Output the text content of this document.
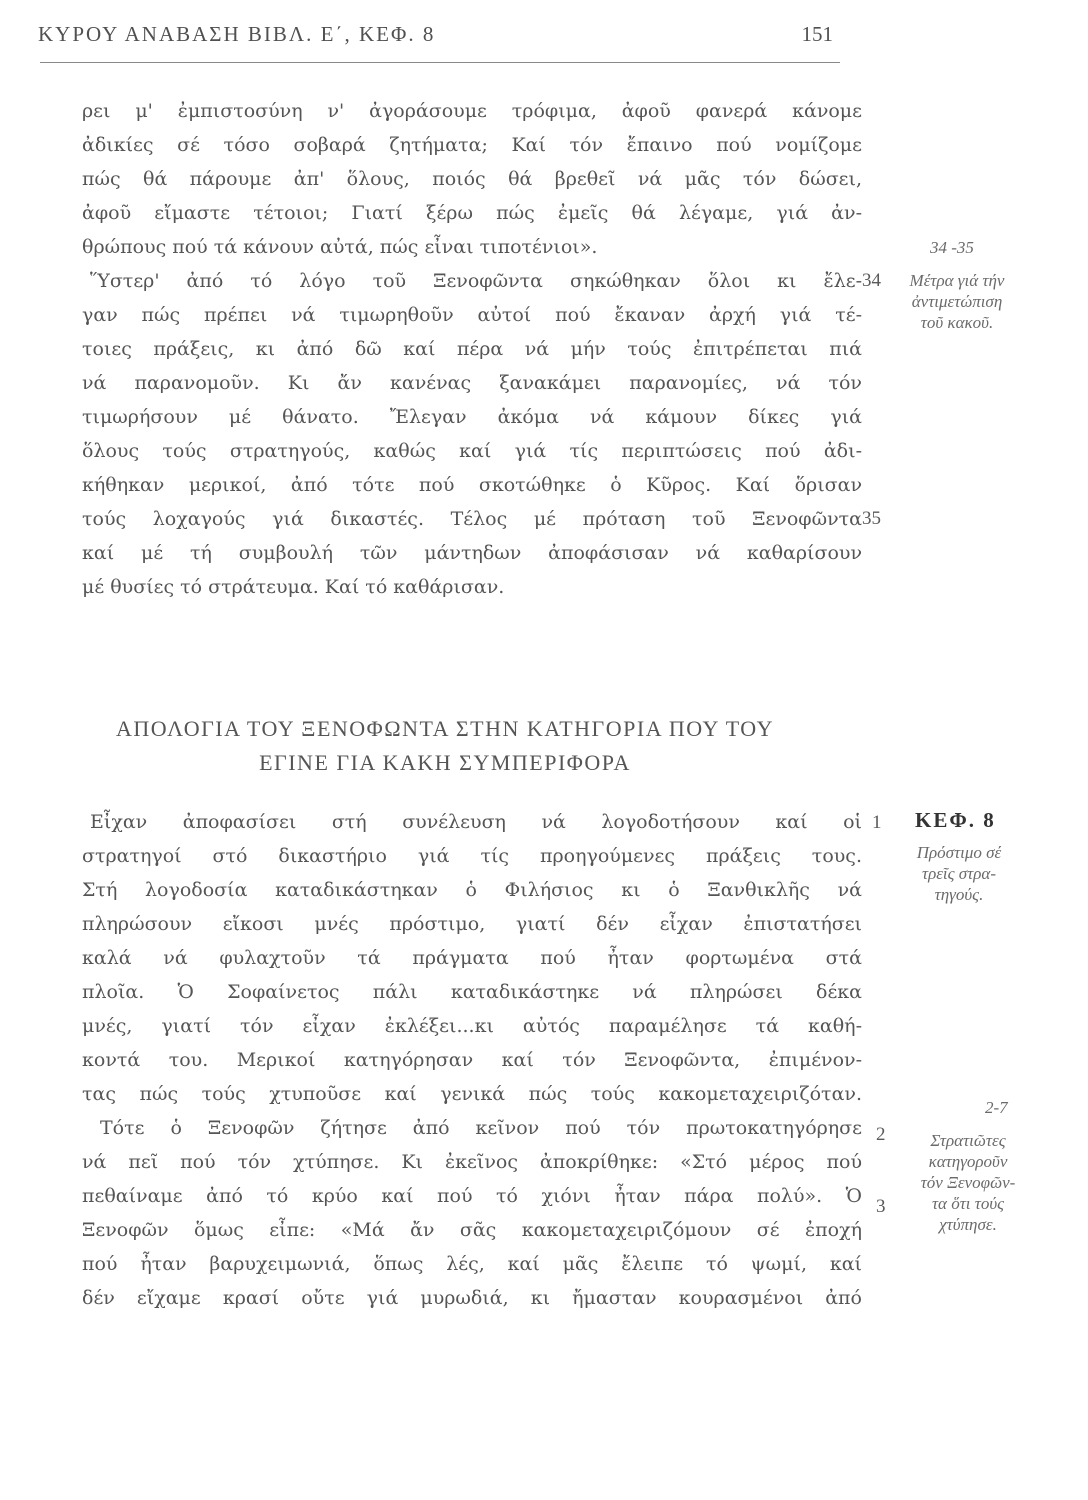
ΚΥΡΟΥ ΑΝΑΒΑΣΗ ΒΙΒΛ. Ε΄, ΚΕΦ. 8	151
ρει μ' ἐμπιστοσύνη ν' ἀγοράσουμε τρόφιμα, ἀφοῦ φανερά κάνομε
ἀδικίες σέ τόσο σοβαρά ζητήματα; Καί τόν ἔπαινο πού νομίζομε
πώς θά πάρουμε ἀπ' ὅλους, ποιός θά βρεθεῖ νά μᾶς τόν δώσει,
ἀφοῦ εἴμαστε τέτοιοι; Γιατί ξέρω πώς ἐμεῖς θά λέγαμε, γιά ἀν-
θρώπους πού τά κάνουν αὐτά, πώς εἶναι τιποτένιοι».
Ὕστερ' ἀπό τό λόγο τοῦ Ξενοφῶντα σηκώθηκαν ὅλοι κι ἔλε-
γαν πώς πρέπει νά τιμωρηθοῦν αὐτοί πού ἔκαναν ἀρχή γιά τέ-
τοιες πράξεις, κι ἀπό δῶ καί πέρα νά μήν τούς ἐπιτρέπεται πιά
νά παρανομοῦν. Κι ἄν κανένας ξανακάμει παρανομίες, νά τόν
τιμωρήσουν μέ θάνατο. Ἔλεγαν ἀκόμα νά κάμουν δίκες γιά
ὅλους τούς στρατηγούς, καθώς καί γιά τίς περιπτώσεις πού ἀδι-
κήθηκαν μερικοί, ἀπό τότε πού σκοτώθηκε ὁ Κῦρος. Καί ὅρισαν
τούς λοχαγούς γιά δικαστές. Τέλος μέ πρόταση τοῦ Ξενοφῶντα
καί μέ τή συμβουλή τῶν μάντηδων ἀποφάσισαν νά καθαρίσουν
μέ θυσίες τό στράτευμα. Καί τό καθάρισαν.
34
35
34 -35
Μέτρα γιά τήν
ἀντιμετώπιση
τοῦ κακοῦ.
ΑΠΟΛΟΓΙΑ ΤΟΥ ΞΕΝΟΦΩΝΤΑ ΣΤΗΝ ΚΑΤΗΓΟΡΙΑ ΠΟΥ ΤΟΥ
ΕΓΙΝΕ ΓΙΑ ΚΑΚΗ ΣΥΜΠΕΡΙΦΟΡΑ
Εἶχαν ἀποφασίσει στή συνέλευση νά λογοδοτήσουν καί οἱ
στρατηγοί στό δικαστήριο γιά τίς προηγούμενες πράξεις τους.
Στή λογοδοσία καταδικάστηκαν ὁ Φιλήσιος κι ὁ Ξανθικλῆς νά
πληρώσουν εἴκοσι μνές πρόστιμο, γιατί δέν εἶχαν ἐπιστατήσει
καλά νά φυλαχτοῦν τά πράγματα πού ἦταν φορτωμένα στά
πλοῖα. Ὁ Σοφαίνετος πάλι καταδικάστηκε νά πληρώσει δέκα
μνές, γιατί τόν εἶχαν ἐκλέξει...κι αὐτός παραμέλησε τά καθή-
κοντά του. Μερικοί κατηγόρησαν καί τόν Ξενοφῶντα, ἐπιμένον-
τας πώς τούς χτυποῦσε καί γενικά πώς τούς κακομεταχειριζόταν.
Τότε ὁ Ξενοφῶν ζήτησε ἀπό κεῖνον πού τόν πρωτοκατηγόρησε
νά πεῖ πού τόν χτύπησε. Κι ἐκεῖνος ἀποκρίθηκε: «Στό μέρος πού
πεθαίναμε ἀπό τό κρύο καί πού τό χιόνι ἦταν πάρα πολύ». Ὁ
Ξενοφῶν ὅμως εἶπε: «Μά ἄν σᾶς κακομεταχειριζόμουν σέ ἐποχή
πού ἦταν βαρυχειμωνιά, ὅπως λές, καί μᾶς ἔλειπε τό ψωμί, καί
δέν εἴχαμε κρασί οὔτε γιά μυρωδιά, κι ἤμασταν κουρασμένοι ἀπό
1
2
3
ΚΕΦ. 8
Πρόστιμο σέ
τρεῖς στρα-
τηγούς.
2-7
Στρατιῶτες
κατηγοροῦν
τόν Ξενοφῶν-
τα ὅτι τούς
χτύπησε.
